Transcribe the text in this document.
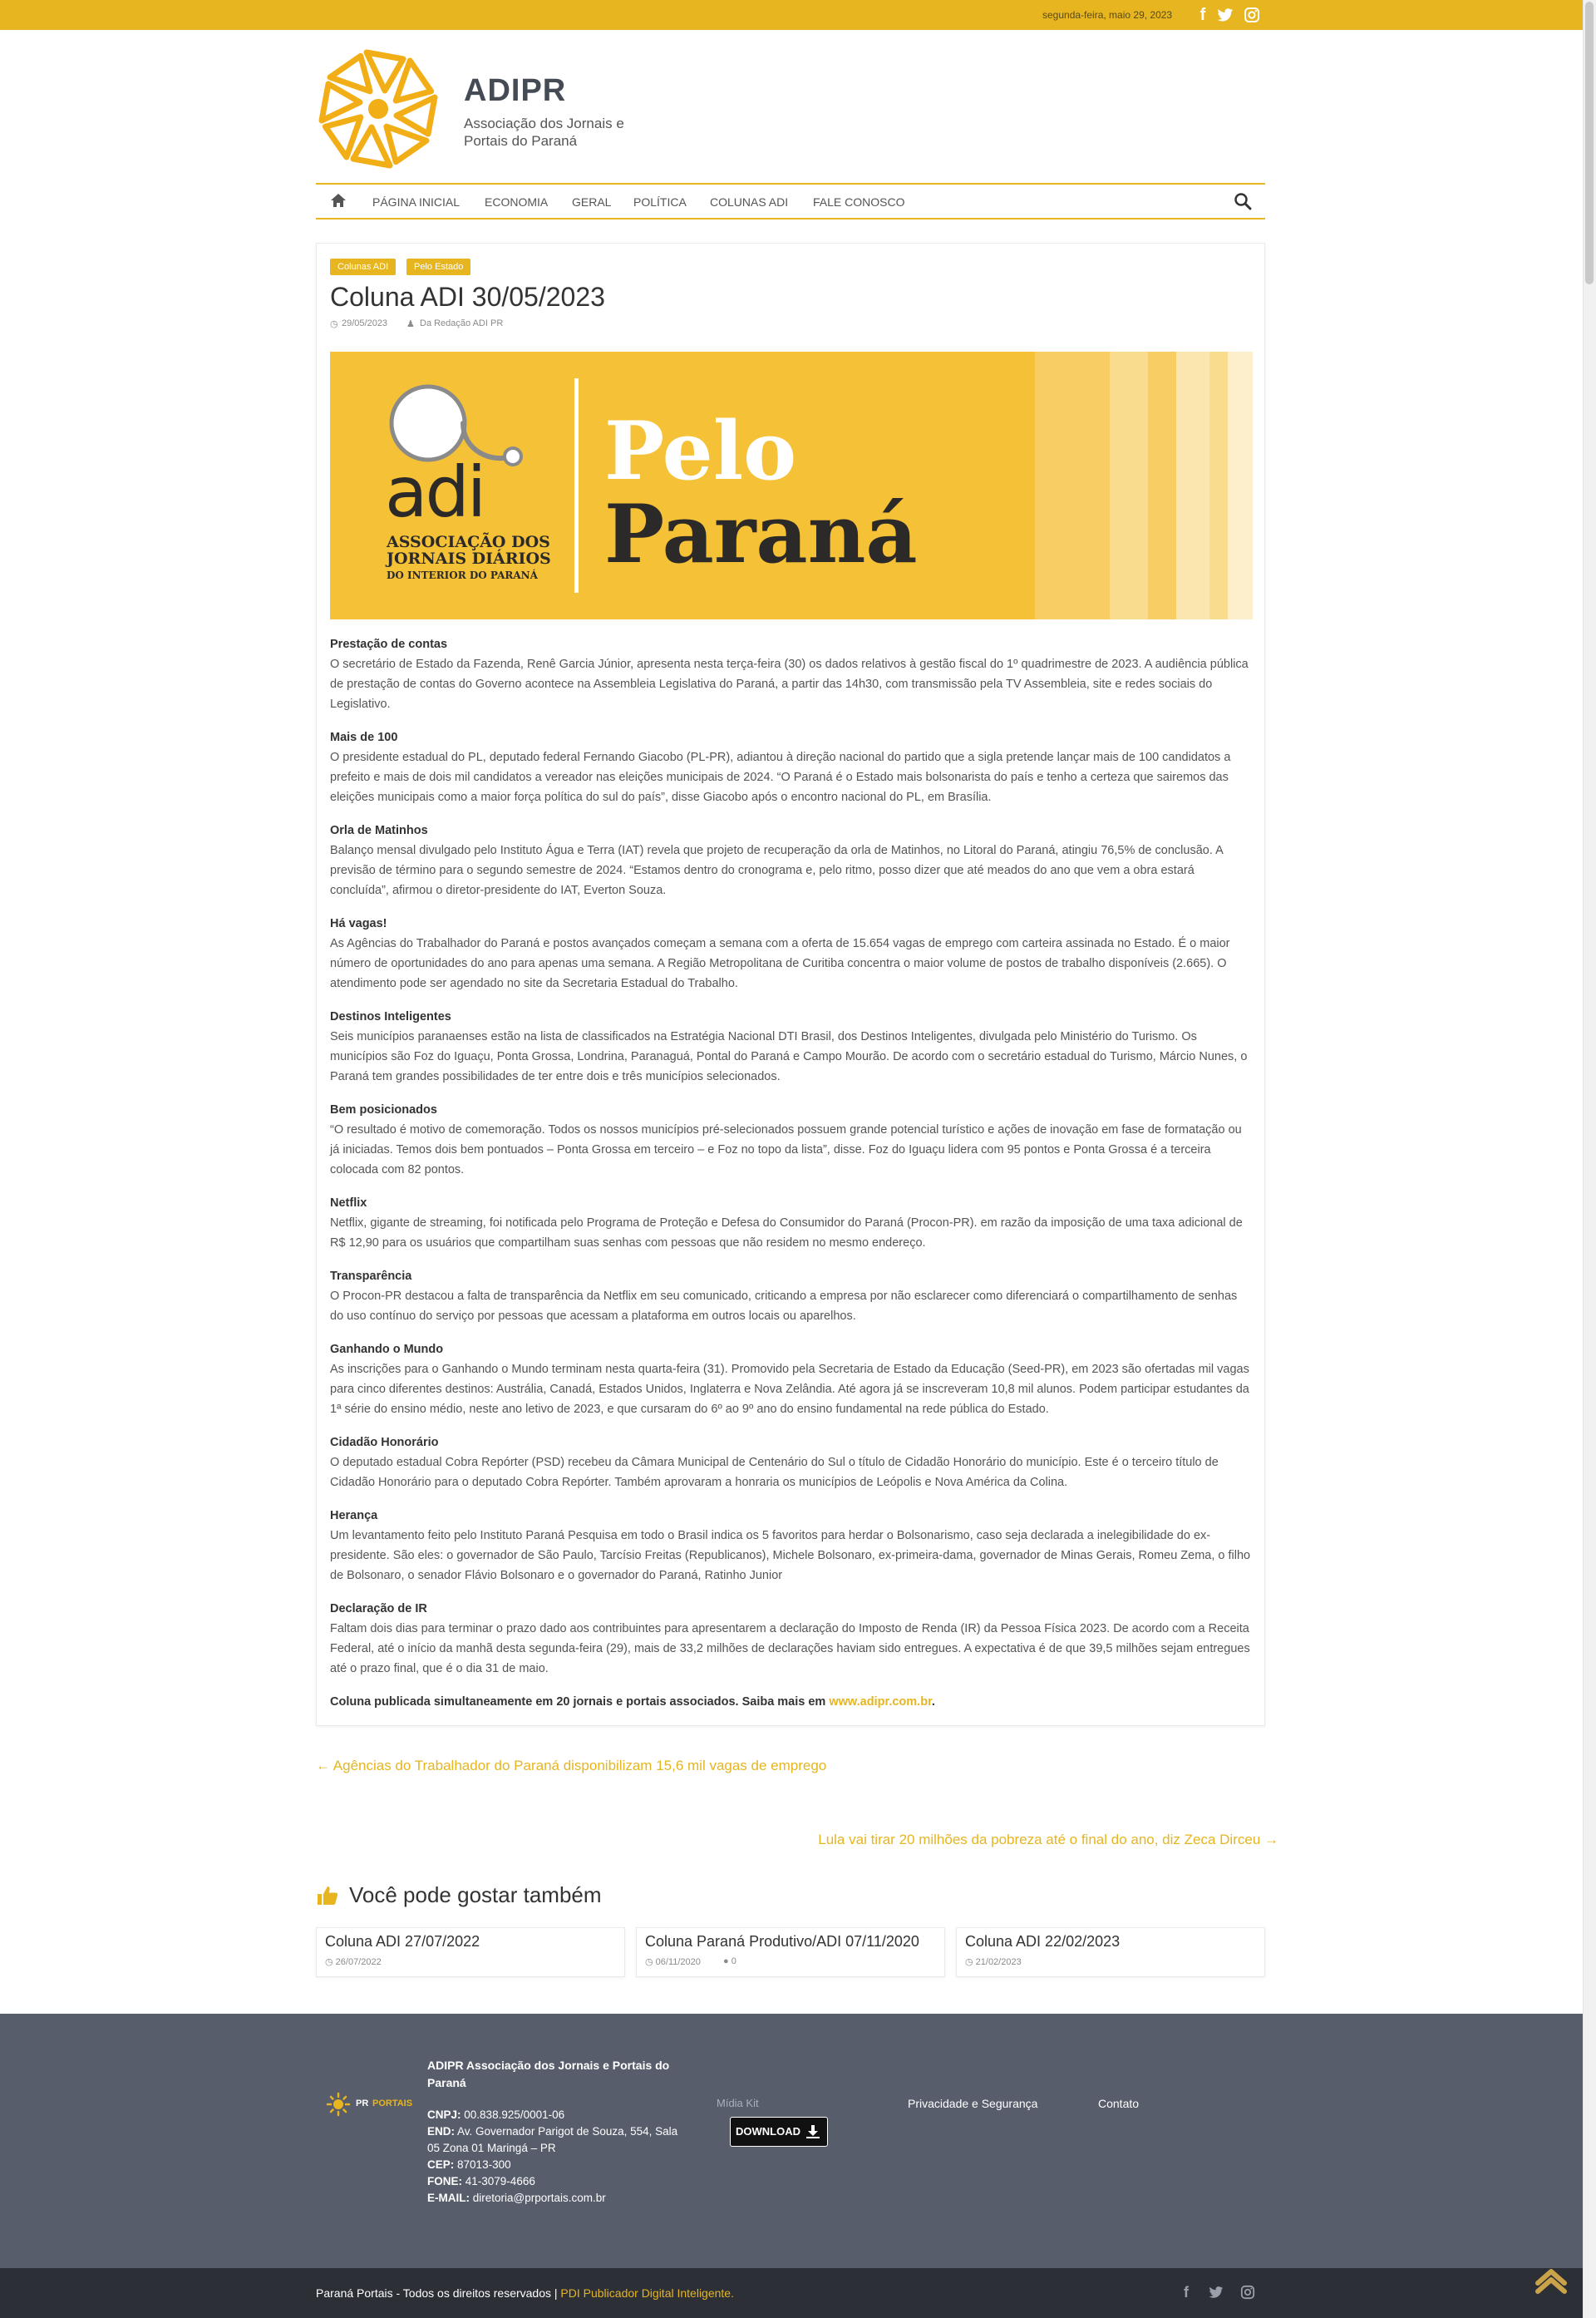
segunda-feira, maio 29, 2023	f
ADIPR
Associação dos Jornais e Portais do Paraná
PÁGINA INICIAL ECONOMIA GERAL POLÍTICA COLUNAS ADI FALE CONOSCO
Colunas ADI	Pelo Estado
Coluna ADI 30/05/2023
◷ 29/05/2023 ♟ Da Redação ADI PR
adi
ASSOCIAÇÃO DOS
JORNAIS DIÁRIOS
DO INTERIOR DO PARANÁ
Pelo
Paraná
Prestação de contas

O secretário de Estado da Fazenda, Renê Garcia Júnior, apresenta nesta terça-feira (30) os dados relativos à gestão fiscal do 1º quadrimestre de 2023. A audiência pública de prestação de contas do Governo acontece na Assembleia Legislativa do Paraná, a partir das 14h30, com transmissão pela TV Assembleia, site e redes sociais do Legislativo.

Mais de 100

O presidente estadual do PL, deputado federal Fernando Giacobo (PL-PR), adiantou à direção nacional do partido que a sigla pretende lançar mais de 100 candidatos a prefeito e mais de dois mil candidatos a vereador nas eleições municipais de 2024. “O Paraná é o Estado mais bolsonarista do país e tenho a certeza que sairemos das eleições municipais como a maior força política do sul do país”, disse Giacobo após o encontro nacional do PL, em Brasília.

Orla de Matinhos

Balanço mensal divulgado pelo Instituto Água e Terra (IAT) revela que projeto de recuperação da orla de Matinhos, no Litoral do Paraná, atingiu 76,5% de conclusão. A previsão de término para o segundo semestre de 2024. “Estamos dentro do cronograma e, pelo ritmo, posso dizer que até meados do ano que vem a obra estará concluída”, afirmou o diretor-presidente do IAT, Everton Souza.

Há vagas!

As Agências do Trabalhador do Paraná e postos avançados começam a semana com a oferta de 15.654 vagas de emprego com carteira assinada no Estado. É o maior número de oportunidades do ano para apenas uma semana. A Região Metropolitana de Curitiba concentra o maior volume de postos de trabalho disponíveis (2.665). O atendimento pode ser agendado no site da Secretaria Estadual do Trabalho.

Destinos Inteligentes

Seis municípios paranaenses estão na lista de classificados na Estratégia Nacional DTI Brasil, dos Destinos Inteligentes, divulgada pelo Ministério do Turismo. Os municípios são Foz do Iguaçu, Ponta Grossa, Londrina, Paranaguá, Pontal do Paraná e Campo Mourão. De acordo com o secretário estadual do Turismo, Márcio Nunes, o Paraná tem grandes possibilidades de ter entre dois e três municípios selecionados.

Bem posicionados

“O resultado é motivo de comemoração. Todos os nossos municípios pré-selecionados possuem grande potencial turístico e ações de inovação em fase de formatação ou já iniciadas. Temos dois bem pontuados – Ponta Grossa em terceiro – e Foz no topo da lista”, disse. Foz do Iguaçu lidera com 95 pontos e Ponta Grossa é a terceira colocada com 82 pontos.

Netflix

Netflix, gigante de streaming, foi notificada pelo Programa de Proteção e Defesa do Consumidor do Paraná (Procon-PR). em razão da imposição de uma taxa adicional de R$ 12,90 para os usuários que compartilham suas senhas com pessoas que não residem no mesmo endereço.

Transparência

O Procon-PR destacou a falta de transparência da Netflix em seu comunicado, criticando a empresa por não esclarecer como diferenciará o compartilhamento de senhas do uso contínuo do serviço por pessoas que acessam a plataforma em outros locais ou aparelhos.

Ganhando o Mundo

As inscrições para o Ganhando o Mundo terminam nesta quarta-feira (31). Promovido pela Secretaria de Estado da Educação (Seed-PR), em 2023 são ofertadas mil vagas para cinco diferentes destinos: Austrália, Canadá, Estados Unidos, Inglaterra e Nova Zelândia. Até agora já se inscreveram 10,8 mil alunos. Podem participar estudantes da 1ª série do ensino médio, neste ano letivo de 2023, e que cursaram do 6º ao 9º ano do ensino fundamental na rede pública do Estado.

Cidadão Honorário

O deputado estadual Cobra Repórter (PSD) recebeu da Câmara Municipal de Centenário do Sul o título de Cidadão Honorário do município. Este é o terceiro título de Cidadão Honorário para o deputado Cobra Repórter. Também aprovaram a honraria os municípios de Leópolis e Nova América da Colina.

Herança

Um levantamento feito pelo Instituto Paraná Pesquisa em todo o Brasil indica os 5 favoritos para herdar o Bolsonarismo, caso seja declarada a inelegibilidade do ex-presidente. São eles: o governador de São Paulo, Tarcísio Freitas (Republicanos), Michele Bolsonaro, ex-primeira-dama, governador de Minas Gerais, Romeu Zema, o filho de Bolsonaro, o senador Flávio Bolsonaro e o governador do Paraná, Ratinho Junior

Declaração de IR

Faltam dois dias para terminar o prazo dado aos contribuintes para apresentarem a declaração do Imposto de Renda (IR) da Pessoa Física 2023. De acordo com a Receita Federal, até o início da manhã desta segunda-feira (29), mais de 33,2 milhões de declarações haviam sido entregues. A expectativa é de que 39,5 milhões sejam entregues até o prazo final, que é o dia 31 de maio.

Coluna publicada simultaneamente em 20 jornais e portais associados. Saiba mais em www.adipr.com.br.

← Agências do Trabalhador do Paraná disponibilizam 15,6 mil vagas de emprego
Lula vai tirar 20 milhões da pobreza até o final do ano, diz Zeca Dirceu →
Você pode gostar também
Coluna ADI 27/07/2022
◷ 26/07/2022
Coluna Paraná Produtivo/ADI 07/11/2020
◷ 06/11/2020 ● 0
Coluna ADI 22/02/2023
◷ 21/02/2023
PR PORTAIS
ADIPR Associação dos Jornais e Portais do Paraná
CNPJ: 00.838.925/0001-06
END: Av. Governador Parigot de Souza, 554, Sala 05 Zona 01 Maringá – PR
CEP: 87013-300
FONE: 41-3079-4666
E-MAIL: diretoria@prportais.com.br
Mídia Kit
DOWNLOAD
Privacidade e Segurança	Contato
Paraná Portais - Todos os direitos reservados | PDI Publicador Digital Inteligente.	f
